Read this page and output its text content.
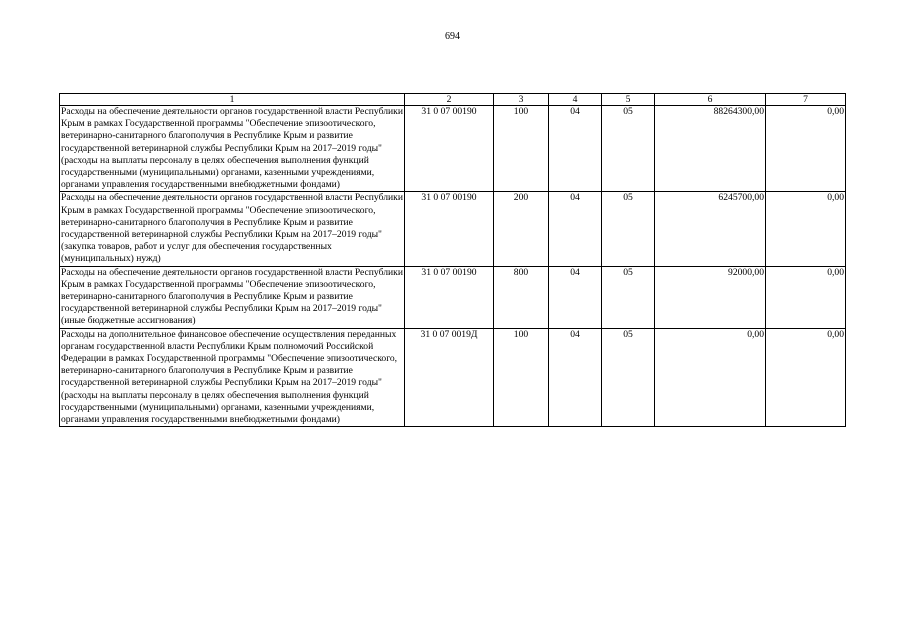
694
1	2	3	4	5	6	7
Расходы на обеспечение деятельности органов государственной власти Республики Крым в рамках Государственной программы "Обеспечение эпизоотического, ветеринарно-санитарного благополучия в Республике Крым и развитие государственной ветеринарной службы Республики Крым на 2017–2019 годы" (расходы на выплаты персоналу в целях обеспечения выполнения функций государственными (муниципальными) органами, казенными учреждениями, органами управления государственными внебюджетными фондами)	31 0 07 00190	100	04	05	88264300,00	0,00
Расходы на обеспечение деятельности органов государственной власти Республики Крым в рамках Государственной программы "Обеспечение эпизоотического, ветеринарно-санитарного благополучия в Республике Крым и развитие государственной ветеринарной службы Республики Крым на 2017–2019 годы" (закупка товаров, работ и услуг для обеспечения государственных (муниципальных) нужд)	31 0 07 00190	200	04	05	6245700,00	0,00
Расходы на обеспечение деятельности органов государственной власти Республики Крым в рамках Государственной программы "Обеспечение эпизоотического, ветеринарно-санитарного благополучия в Республике Крым и развитие государственной ветеринарной службы Республики Крым на 2017–2019 годы" (иные бюджетные ассигнования)	31 0 07 00190	800	04	05	92000,00	0,00
Расходы на дополнительное финансовое обеспечение осуществления переданных органам государственной власти Республики Крым полномочий Российской Федерации в рамках Государственной программы "Обеспечение эпизоотического, ветеринарно-санитарного благополучия в Республике Крым и развитие государственной ветеринарной службы Республики Крым на 2017–2019 годы" (расходы на выплаты персоналу в целях обеспечения выполнения функций государственными (муниципальными) органами, казенными учреждениями, органами управления государственными внебюджетными фондами)	31 0 07 0019Д	100	04	05	0,00	0,00
